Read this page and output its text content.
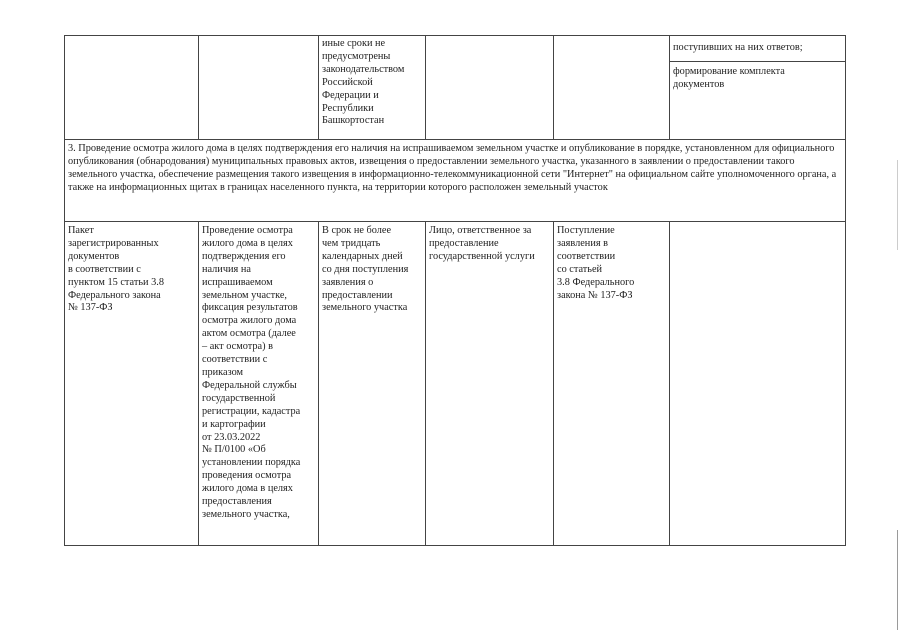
иные сроки не
предусмотрены
законодательством
Российской
Федерации и
Республики
Башкортостан
поступивших на них ответов;
формирование комплекта
документов
3. Проведение осмотра жилого дома в целях подтверждения его наличия на испрашиваемом земельном участке и опубликование в порядке, установленном для официального опубликования (обнародования) муниципальных правовых актов, извещения о предоставлении земельного участка, указанного в заявлении о предоставлении такого земельного участка, обеспечение размещения такого извещения в информационно-телекоммуникационной сети "Интернет" на официальном сайте уполномоченного органа, а также на информационных щитах в границах населенного пункта, на территории которого расположен земельный участок
Пакет
зарегистрированных
документов
в соответствии с
пунктом 15 статьи 3.8
Федерального закона
№ 137-ФЗ
Проведение осмотра
жилого дома в целях
подтверждения его
наличия на
испрашиваемом
земельном участке,
фиксация результатов
осмотра жилого дома
актом осмотра (далее
– акт осмотра) в
соответствии с
приказом
Федеральной службы
государственной
регистрации, кадастра
и картографии
от 23.03.2022
№ П/0100 «Об
установлении порядка
проведения осмотра
жилого дома в целях
предоставления
земельного участка,
В срок не более
чем тридцать
календарных дней
со дня поступления
заявления о
предоставлении
земельного участка
Лицо, ответственное за
предоставление
государственной услуги
Поступление
заявления в
соответствии
со статьей
3.8 Федерального
закона № 137-ФЗ
